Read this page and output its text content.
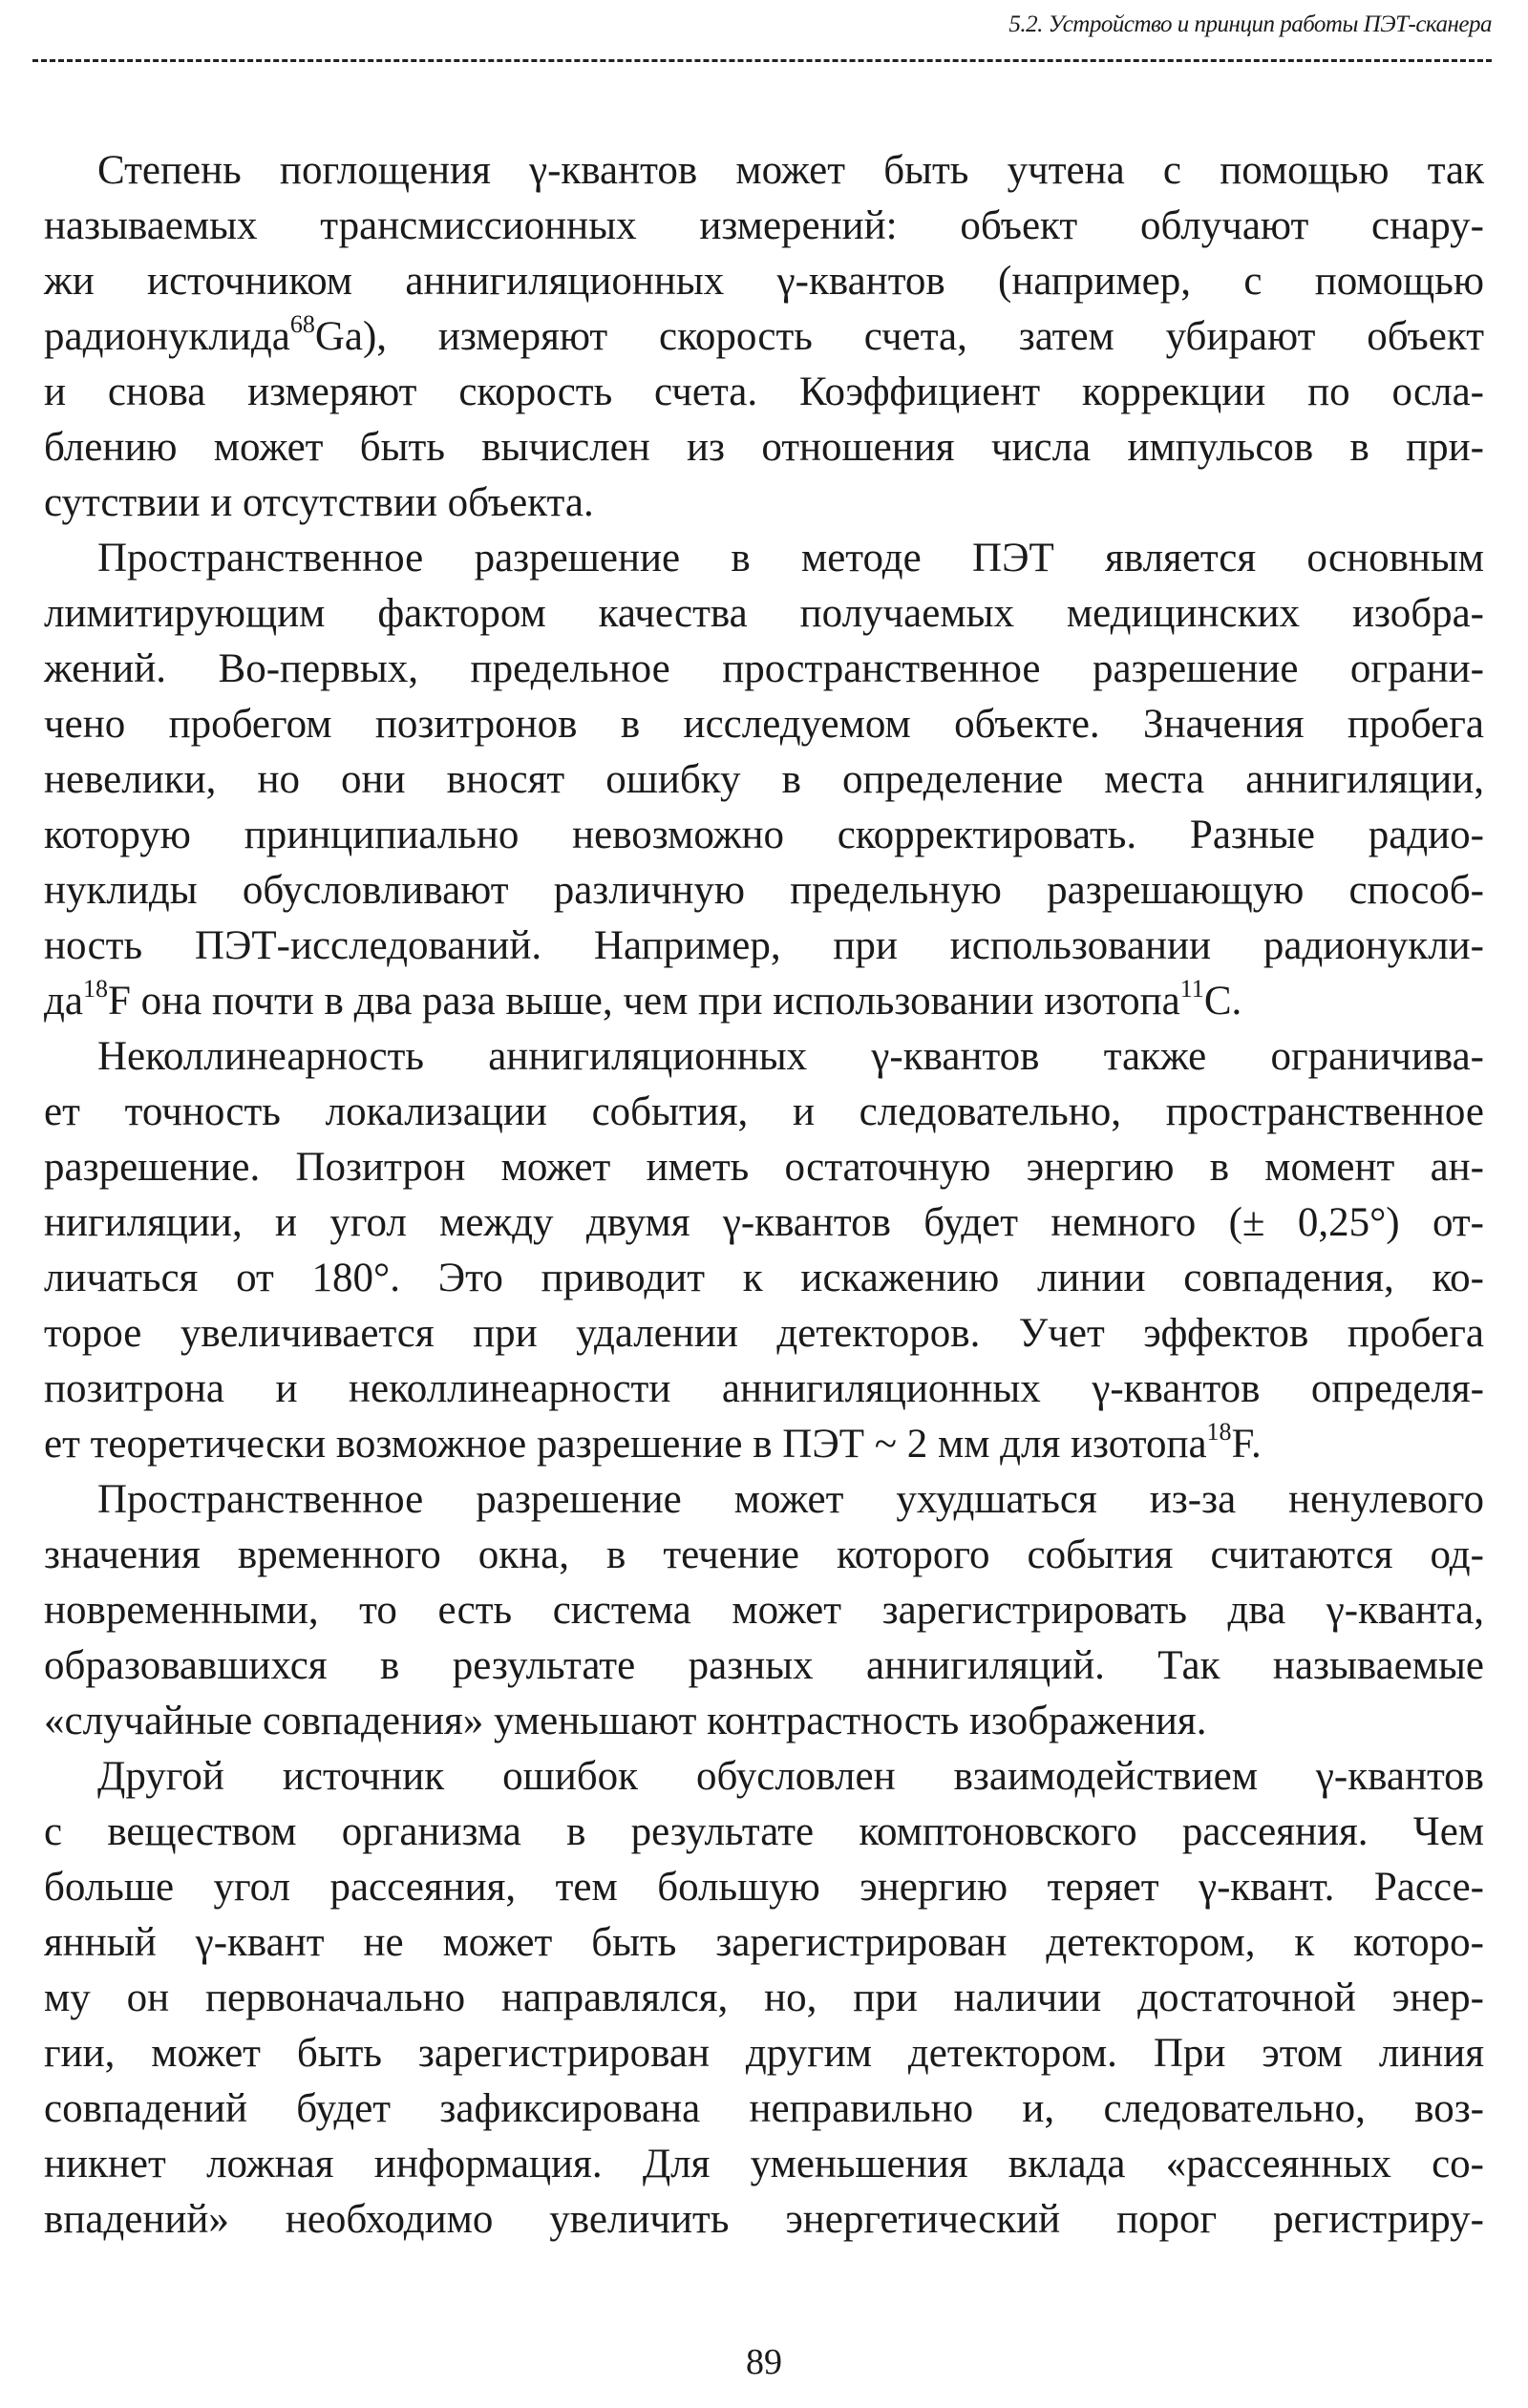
5.2. Устройство и принцип работы ПЭТ-сканера

Степень поглощения γ-квантов может быть учтена с помощью так
называемых трансмиссионных измерений: объект облучают снару-
жи источником аннигиляционных γ-квантов (например, с помощью
радионуклида$^{68}$Ga), измеряют скорость счета, затем убирают объект
и снова измеряют скорость счета. Коэффициент коррекции по осла-
блению может быть вычислен из отношения числа импульсов в при-
сутствии и отсутствии объекта.

Пространственное разрешение в методе ПЭТ является основным
лимитирующим фактором качества получаемых медицинских изобра-
жений. Во-первых, предельное пространственное разрешение ограни-
чено пробегом позитронов в исследуемом объекте. Значения пробега
невелики, но они вносят ошибку в определение места аннигиляции,
которую принципиально невозможно скорректировать. Разные радио-
нуклиды обусловливают различную предельную разрешающую способ-
ность ПЭТ-исследований. Например, при использовании радионукли-
$да^{18}F$ она почти в два раза выше, чем при использовании изотопа$^{11}$C.

Неколлинеарность аннигиляционных γ-квантов также ограничива-
ет точность локализации события, и следовательно, пространственное
разрешение. Позитрон может иметь остаточную энергию в момент ан-
нигиляции, и угол между двумя γ-квантов будет немного (± 0,25°) от-
личаться от 180°. Это приводит к искажению линии совпадения, ко-
торое увеличивается при удалении детекторов. Учет эффектов пробега
позитрона и неколлинеарности аннигиляционных γ-квантов определя-
ет теоретически возможное разрешение в ПЭТ ~ 2 мм для изотопа$^{18}$F.

Пространственное разрешение может ухудшаться из-за ненулевого
значения временного окна, в течение которого события считаются од-
новременными, то есть система может зарегистрировать два γ-кванта,
образовавшихся в результате разных аннигиляций. Так называемые
«случайные совпадения» уменьшают контрастность изображения.

Другой источник ошибок обусловлен взаимодействием γ-квантов
с веществом организма в результате комптоновского рассеяния. Чем
больше угол рассеяния, тем большую энергию теряет γ-квант. Рассе-
янный γ-квант не может быть зарегистрирован детектором, к которо-
му он первоначально направлялся, но, при наличии достаточной энер-
гии, может быть зарегистрирован другим детектором. При этом линия
совпадений будет зафиксирована неправильно и, следовательно, воз-
никнет ложная информация. Для уменьшения вклада «рассеянных со-
впадений» необходимо увеличить энергетический порог регистриру-

89
